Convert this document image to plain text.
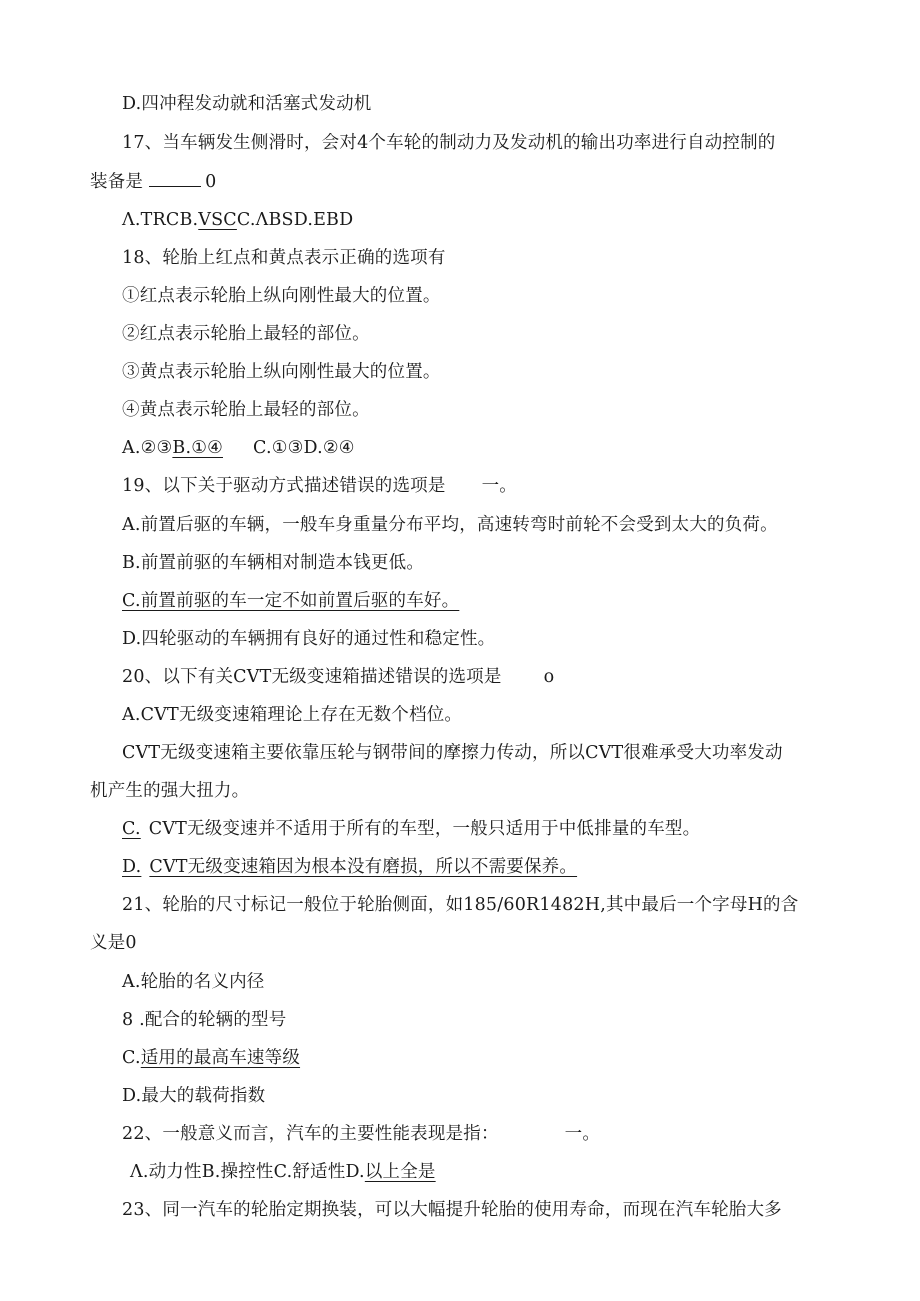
D.四冲程发动就和活塞式发动机
17、当车辆发生侧滑时，会对4个车轮的制动力及发动机的输出功率进行自动控制的
装备是	0
Λ.TRCB.VSCC.ΛBSD.EBD
18、轮胎上红点和黄点表示正确的选项有
①红点表示轮胎上纵向刚性最大的位置。
②红点表示轮胎上最轻的部位。
③黄点表示轮胎上纵向刚性最大的位置。
④黄点表示轮胎上最轻的部位。
A.②③B.①④ C.①③D.②④
19、以下关于驱动方式描述错误的选项是 一。
A.前置后驱的车辆，一般车身重量分布平均，高速转弯时前轮不会受到太大的负荷。
B.前置前驱的车辆相对制造本钱更低。
C.前置前驱的车一定不如前置后驱的车好。
D.四轮驱动的车辆拥有良好的通过性和稳定性。
20、以下有关CVT无级变速箱描述错误的选项是 o
A.CVT无级变速箱理论上存在无数个档位。
CVT无级变速箱主要依靠压轮与钢带间的摩擦力传动，所以CVT很难承受大功率发动
机产生的强大扭力。
C. CVT无级变速并不适用于所有的车型，一般只适用于中低排量的车型。
D. CVT无级变速箱因为根本没有磨损，所以不需要保养。
21、轮胎的尺寸标记一般位于轮胎侧面，如185/60R1482H,其中最后一个字母H的含
义是0
A.轮胎的名义内径
8 .配合的轮辆的型号
C.适用的最高车速等级
D.最大的载荷指数
22、一般意义而言，汽车的主要性能表现是指：	一。
Λ.动力性B.操控性C.舒适性D.以上全是
23、同一汽车的轮胎定期换装，可以大幅提升轮胎的使用寿命，而现在汽车轮胎大多
